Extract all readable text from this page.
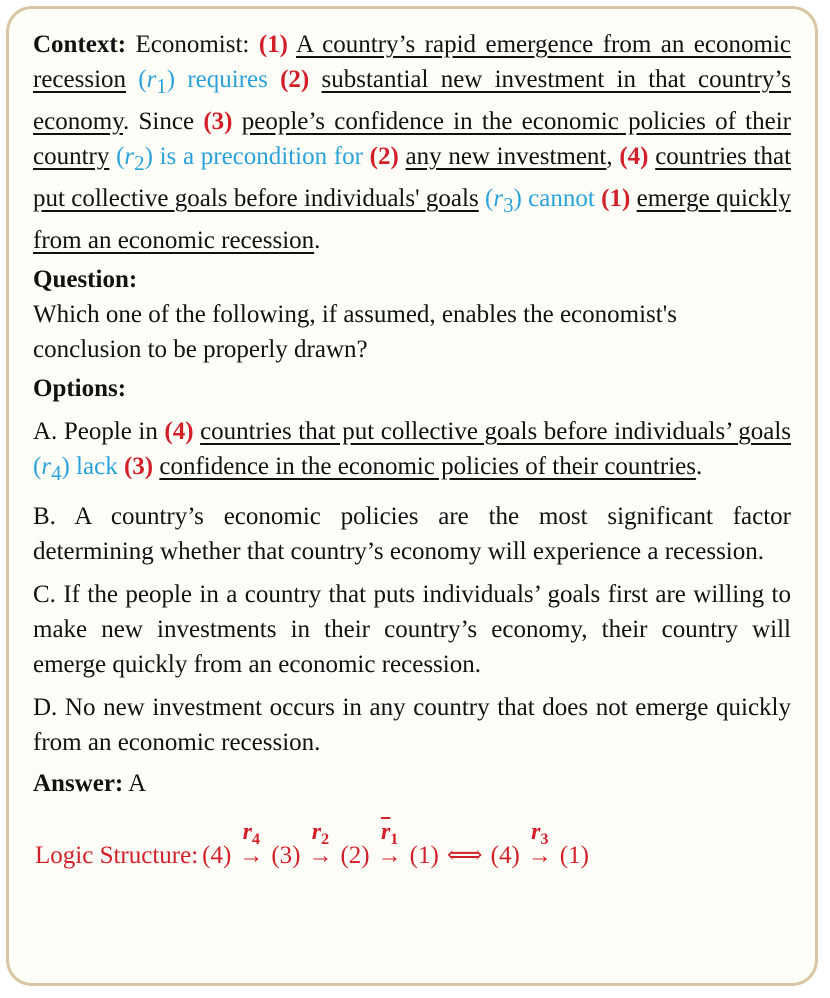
Context: Economist: (1) A country’s rapid emergence from an economic recession $(r_1)$ requires (2) substantial new investment in that country’s economy. Since (3) people’s confidence in the economic policies of their country $(r_2)$ is a precondition for (2) any new investment, (4) countries that put collective goals before individuals' goals $(r_3)$ cannot (1) emerge quickly from an economic recession.
Question:
Which one of the following, if assumed, enables the economist's conclusion to be properly drawn?
Options:
A. People in (4) countries that put collective goals before individuals’ goals $(r_4)$ lack (3) confidence in the economic policies of their countries.
B. A country’s economic policies are the most significant factor determining whether that country’s economy will experience a recession.
C. If the people in a country that puts individuals’ goals first are willing to make new investments in their country’s economy, their country will emerge quickly from an economic recession.
D. No new investment occurs in any country that does not emerge quickly from an economic recession.
Answer: A
Logic Structure: (4)
$r_4$
→ (3)
$r_2$
→ (2)
$\overline{r}_1$
→ (1) ⟺ (4)
$r_3$
→ (1)
